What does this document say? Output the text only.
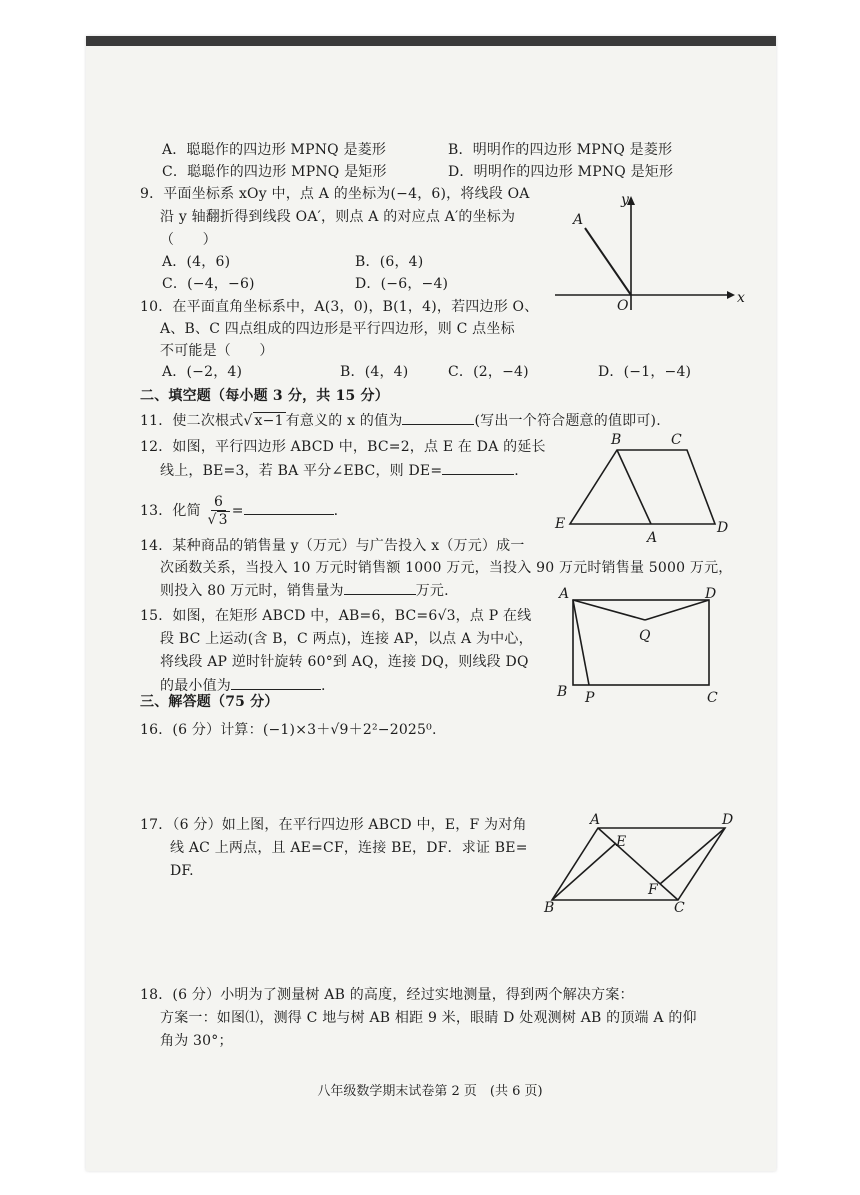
A．聪聪作的四边形 MPNQ 是菱形	B．明明作的四边形 MPNQ 是菱形
C．聪聪作的四边形 MPNQ 是矩形	D．明明作的四边形 MPNQ 是矩形
9．平面坐标系 xOy 中，点 A 的坐标为(−4，6)，将线段 OA
沿 y 轴翻折得到线段 OA′，则点 A 的对应点 A′的坐标为
（　　）
A．(4，6)	B．(6，4)
C．(−4，−6)	D．(−6，−4)
A
O	x
y
10．在平面直角坐标系中，A(3，0)，B(1，4)，若四边形 O、
A、B、C 四点组成的四边形是平行四边形，则 C 点坐标
不可能是（　　）
A．(−2，4)	B．(4，4)	C．(2，−4)	D．(−1，−4)
二、填空题（每小题 3 分，共 15 分）
11．使二次根式√ x−1 有意义的 x 的值为	(写出一个符合题意的值即可).
12．如图，平行四边形 ABCD 中，BC=2，点 E 在 DA 的延长
线上，BE=3，若 BA 平分∠EBC，则 DE=	.
B	C
E
A
D
13．化简 $\frac{6}{√ 3}$ =	.
14．某种商品的销售量 y（万元）与广告投入 x（万元）成一
次函数关系，当投入 10 万元时销售额 1000 万元，当投入 90 万元时销售量 5000 万元，
则投入 80 万元时，销售量为	万元.
15．如图，在矩形 ABCD 中，AB=6，BC=6√3，点 P 在线
段 BC 上运动(含 B，C 两点)，连接 AP，以点 A 为中心，
将线段 AP 逆时针旋转 60°到 AQ，连接 DQ，则线段 DQ
的最小值为	.
A	D
Q
B P	C
三、解答题（75 分）
16．(6 分）计算：(−1)×3＋√9＋2²−2025⁰.
17．（6 分）如上图，在平行四边形 ABCD 中，E，F 为对角
线 AC 上两点，且 AE=CF，连接 BE，DF．求证 BE=
DF.
A
E
D
F
B	C
18．(6 分）小明为了测量树 AB 的高度，经过实地测量，得到两个解决方案：
方案一：如图⑴，测得 C 地与树 AB 相距 9 米，眼睛 D 处观测树 AB 的顶端 A 的仰
角为 30°；
八年级数学期末试卷第 2 页　(共 6 页)
